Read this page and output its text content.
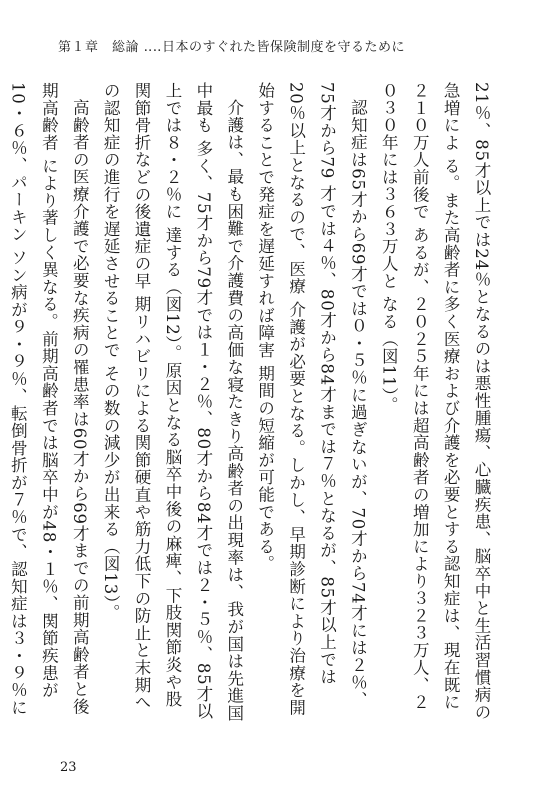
第１章　総論 ‥‥日本のすぐれた皆保険制度を守るために

21％、85才以上では24％となるのは悪性腫瘍、心臓疾患、脳卒中と生活習慣病の急増によ る。また高齢者に多く医療および介護を必要とする認知症は、現在既に２１０万人前後で あるが、２０２５年には超高齢者の増加により３２３万人、２０３０年には３６３万人と なる（図11）。

認知症は65才から69才では０・５％に過ぎないが、70才から74才には２％、75才から79 才では４％、80才から84才までは７％となるが、85才以上では20％以上となるので、医療 介護が必要となる。しかし、早期診断により治療を開始することで発症を遅延すれば障害 期間の短縮が可能である。

介護は、最も困難で介護費の高価な寝たきり高齢者の出現率は、我が国は先進国中最も 多く、75才から79才では１・２％、80才から84才では２・５％、85才以上では８・２％に 達する（図12）。原因となる脳卒中後の麻痺、下肢関節炎や股関節骨折などの後遺症の早 期リハビリによる関節硬直や筋力低下の防止と末期への認知症の進行を遅延させることで その数の減少が出来る（図13）。

高齢者の医療介護で必要な疾病の罹患率は60才から69才までの前期高齢者と後期高齢者 により著しく異なる。前期高齢者では脳卒中が48・１％、関節疾患が10・６％、パーキン ソン病が９・９％、転倒骨折が７％で、認知症は３・９％に

23
